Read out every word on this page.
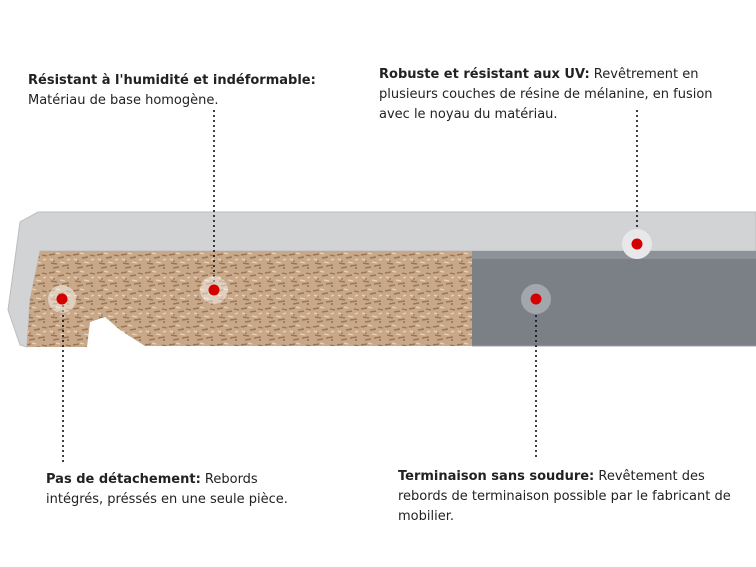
Résistant à l'humidité et indéformable:
Matériau de base homogène.
Robuste et résistant aux UV: Revêtrement en plusieurs couches de résine de mélanine, en fusion avec le noyau du matériau.
Pas de détachement: Rebords intégrés, préssés en une seule pièce.
Terminaison sans soudure: Revêtement des rebords de terminaison possible par le fabricant de mobilier.
